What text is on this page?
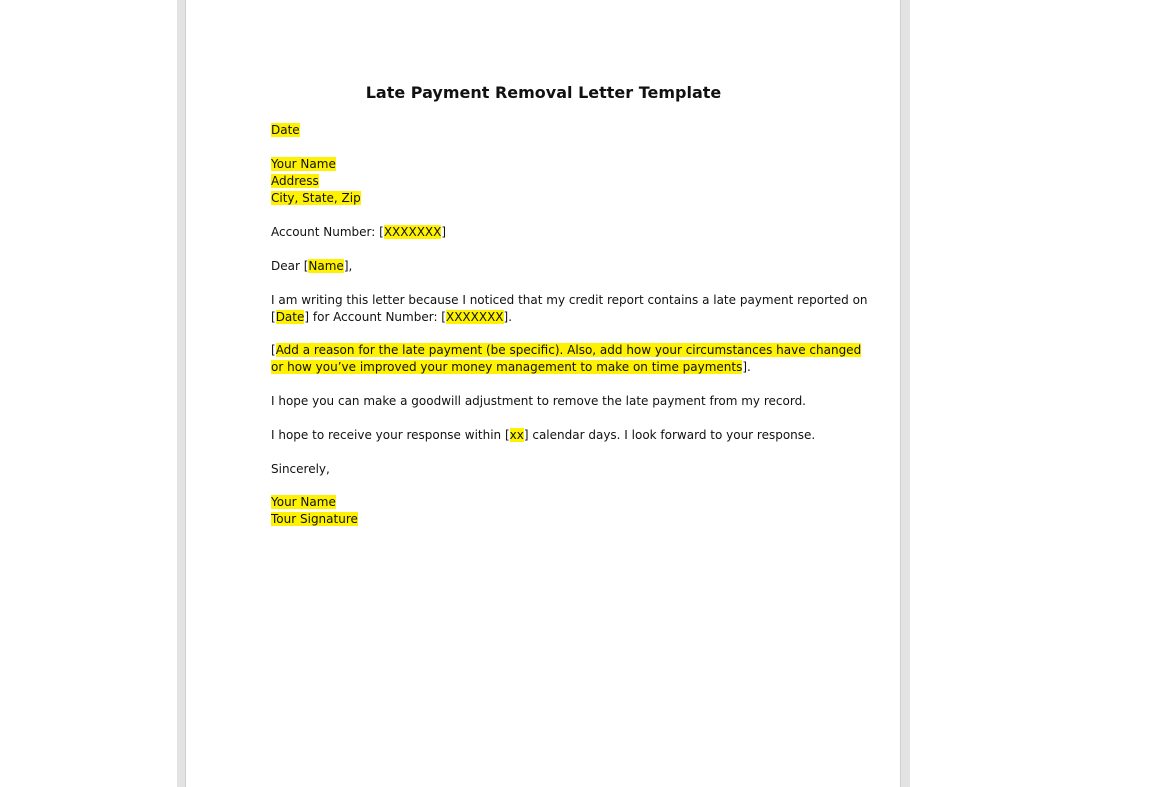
Late Payment Removal Letter Template
Date
Your Name
Address
City, State, Zip
Account Number: [XXXXXXX]
Dear [Name],
I am writing this letter because I noticed that my credit report contains a late payment reported on
[Date] for Account Number: [XXXXXXX].
[Add a reason for the late payment (be specific). Also, add how your circumstances have changed
or how you’ve improved your money management to make on time payments].
I hope you can make a goodwill adjustment to remove the late payment from my record.
I hope to receive your response within [xx] calendar days. I look forward to your response.
Sincerely,
Your Name
Tour Signature
